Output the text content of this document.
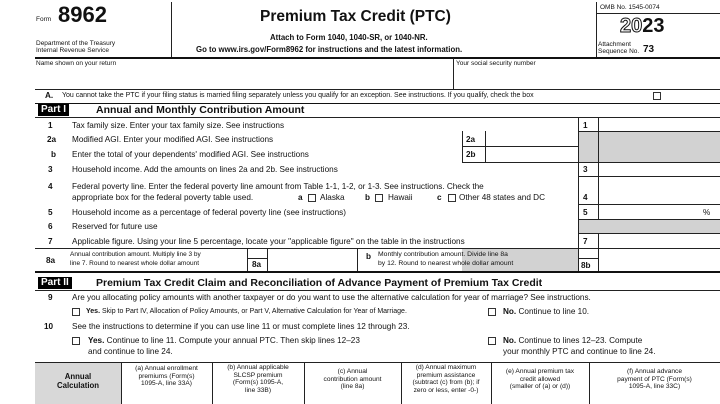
Form 8962
Department of the Treasury
Internal Revenue Service
Premium Tax Credit (PTC)
Attach to Form 1040, 1040-SR, or 1040-NR.
Go to www.irs.gov/Form8962 for instructions and the latest information.
OMB No. 1545-0074
2023
Attachment
Sequence No. 73
Name shown on your return	Your social security number
A. You cannot take the PTC if your filing status is married filing separately unless you qualify for an exception. See instructions. If you qualify, check the box
Part I	Annual and Monthly Contribution Amount
1 Tax family size. Enter your tax family size. See instructions	1
2a Modified AGI. Enter your modified AGI. See instructions	2a
b Enter the total of your dependents' modified AGI. See instructions	2b
3 Household income. Add the amounts on lines 2a and 2b. See instructions	3
4 Federal poverty line. Enter the federal poverty line amount from Table 1-1, 1-2, or 1-3. See instructions. Check the
appropriate box for the federal poverty table used.	a Alaska b Hawaii	c Other 48 states and DC	4
5 Household income as a percentage of federal poverty line (see instructions)	5	%
6 Reserved for future use
7 Applicable figure. Using your line 5 percentage, locate your "applicable figure" on the table in the instructions	7
8a
Annual contribution amount. Multiply line 3 by
line 7. Round to nearest whole dollar amount	8a
b Monthly contribution amount. Divide line 8a
by 12. Round to nearest whole dollar amount	8b
Part II	Premium Tax Credit Claim and Reconciliation of Advance Payment of Premium Tax Credit
9 Are you allocating policy amounts with another taxpayer or do you want to use the alternative calculation for year of marriage? See instructions.
Yes. Skip to Part IV, Allocation of Policy Amounts, or Part V, Alternative Calculation for Year of Marriage.	No. Continue to line 10.
10 See the instructions to determine if you can use line 11 or must complete lines 12 through 23.
Yes. Continue to line 11. Compute your annual PTC. Then skip lines 12–23
and continue to line 24.
No. Continue to lines 12–23. Compute
your monthly PTC and continue to line 24.
Annual
Calculation
(a) Annual enrollment
premiums (Form(s)
1095-A, line 33A)
(b) Annual applicable
SLCSP premium
(Form(s) 1095-A,
line 33B)
(c) Annual
contribution amount
(line 8a)
(d) Annual maximum
premium assistance
(subtract (c) from (b); if
zero or less, enter -0-)
(e) Annual premium tax
credit allowed
(smaller of (a) or (d))
(f) Annual advance
payment of PTC (Form(s)
1095-A, line 33C)
